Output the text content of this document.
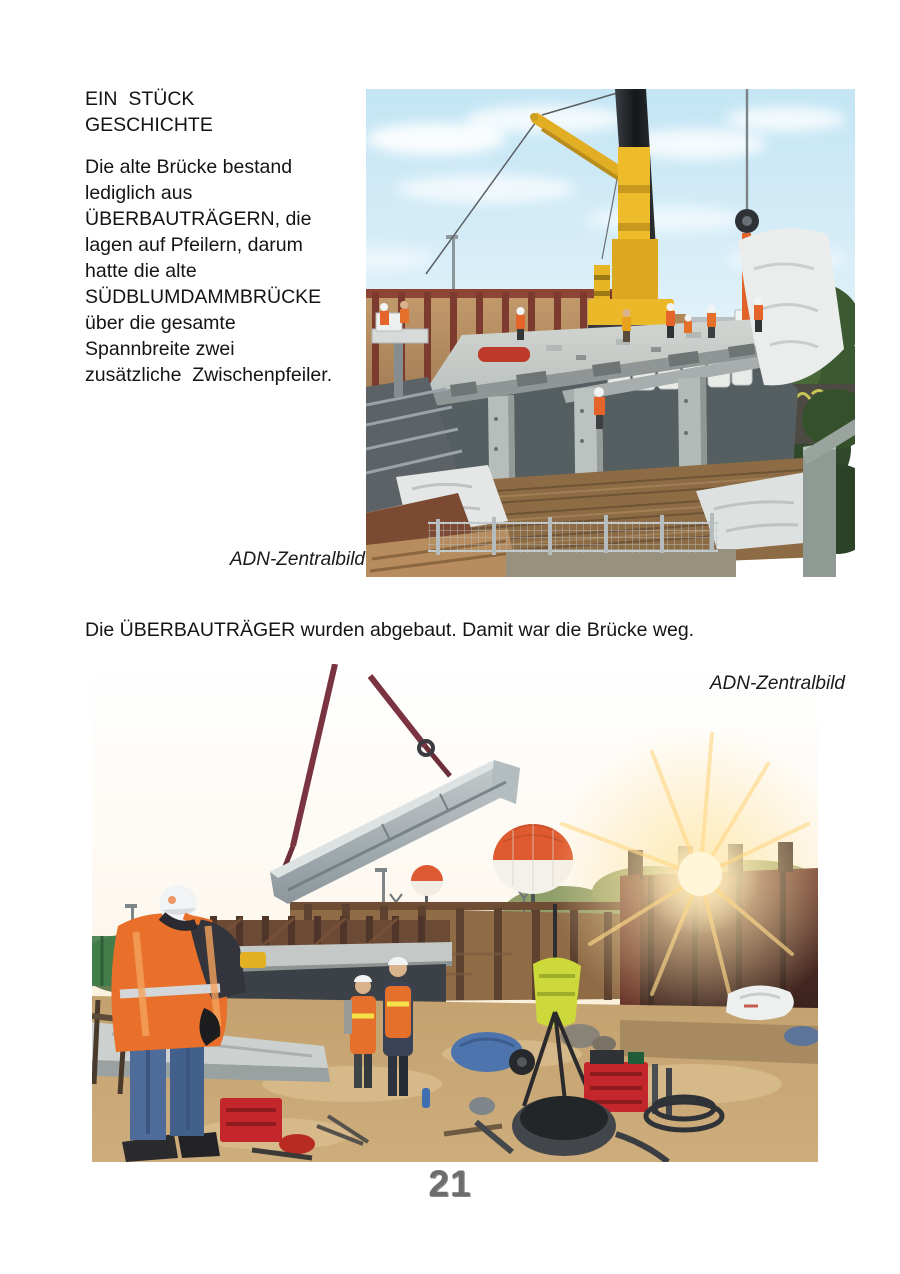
EIN  STÜCK
GESCHICHTE
Die alte Brücke bestand
lediglich aus
ÜBERBAUTRÄGERN, die
lagen auf Pfeilern, darum
hatte die alte
SÜDBLUMDAMMBRÜCKE
über die gesamte
Spannbreite zwei
zusätzliche  Zwischenpfeiler.
ADN-Zentralbild
Die ÜBERBAUTRÄGER wurden abgebaut. Damit war die Brücke weg.
ADN-Zentralbild
21
